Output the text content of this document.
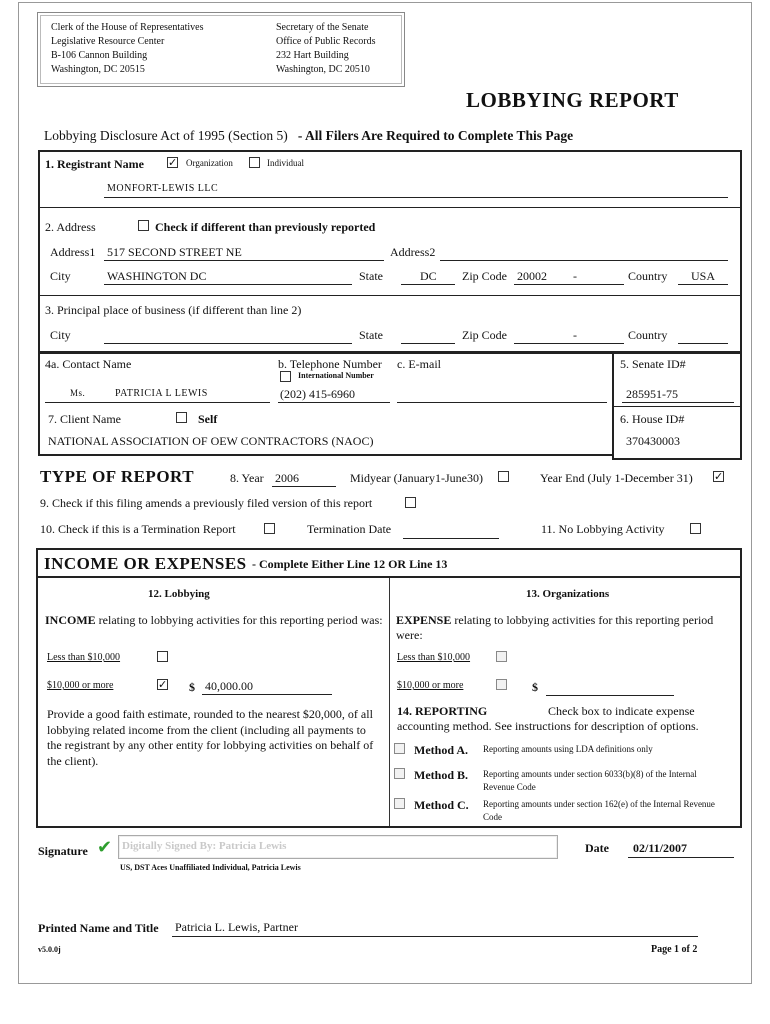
Clerk of the House of Representatives
Legislative Resource Center
B-106 Cannon Building
Washington, DC 20515
Secretary of the Senate
Office of Public Records
232 Hart Building
Washington, DC 20510
LOBBYING REPORT
Lobbying Disclosure Act of 1995 (Section 5) - All Filers Are Required to Complete This Page
1. Registrant Name ✓ Organization	Individual
MONFORT-LEWIS LLC
2. Address	Check if different than previously reported
Address1 517 SECOND STREET NE	Address2
City	WASHINGTON DC	State	DC Zip Code 20002 -	Country USA
3. Principal place of business (if different than line 2)
City	State	Zip Code	-	Country
4a. Contact Name
Ms.	PATRICIA L LEWIS
b. Telephone Number
International Number
(202) 415-6960
c. E-mail	5. Senate ID#
285951-75
6. House ID#
370430003
7. Client Name	Self
NATIONAL ASSOCIATION OF OEW CONTRACTORS (NAOC)
TYPE OF REPORT	8. Year 2006	Midyear (January1-June30)	Year End (July 1-December 31) ✓
9. Check if this filing amends a previously filed version of this report
10. Check if this is a Termination Report	Termination Date	11. No Lobbying Activity
INCOME OR EXPENSES - Complete Either Line 12 OR Line 13
12. Lobbying
INCOME relating to lobbying activities for this reporting period was:
Less than $10,000
$10,000 or more	✓ $ 40,000.00
Provide a good faith estimate, rounded to the nearest $20,000, of all lobbying related income from the client (including all payments to the registrant by any other entity for lobbying activities on behalf of the client).
13. Organizations
EXPENSE relating to lobbying activities for this reporting period were:
Less than $10,000
$10,000 or more	$
14. REPORTING	Check box to indicate expense
accounting method. See instructions for description of options.
Method A. Reporting amounts using LDA definitions only
Method B. Reporting amounts under section 6033(b)(8) of the Internal Revenue Code
Method C. Reporting amounts under section 162(e) of the Internal Revenue Code
Signature ✔ Digitally Signed By: Patricia Lewis
US, DST Aces Unaffiliated Individual, Patricia Lewis
Date 02/11/2007
Printed Name and Title Patricia L. Lewis, Partner
v5.0.0j	Page 1 of 2
